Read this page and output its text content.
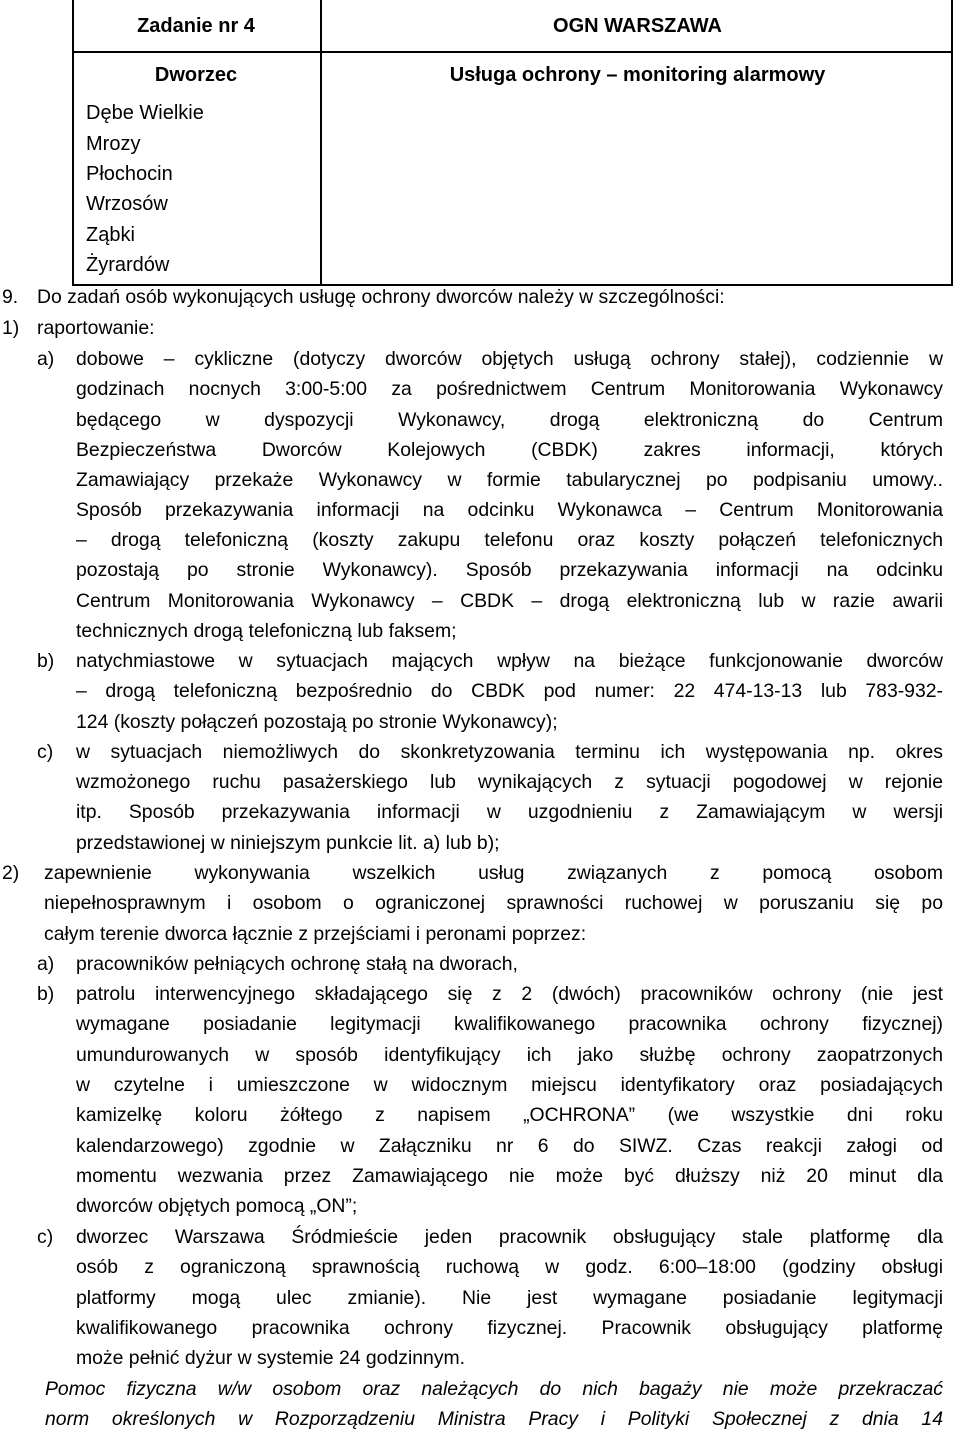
Zadanie nr 4	OGN WARSZAWA
Dworzec	Usługa ochrony – monitoring alarmowy
Dębe Wielkie
Mrozy
Płochocin
Wrzosów
Ząbki
Żyrardów
9. Do zadań osób wykonujących usługę ochrony dworców należy w szczególności:
1) raportowanie:
a) dobowe – cykliczne (dotyczy dworców objętych usługą ochrony stałej), codziennie w
godzinach nocnych 3:00-5:00 za pośrednictwem Centrum Monitorowania Wykonawcy
będącego w dyspozycji Wykonawcy, drogą elektroniczną do Centrum
Bezpieczeństwa Dworców Kolejowych (CBDK) zakres informacji, których
Zamawiający przekaże Wykonawcy w formie tabularycznej po podpisaniu umowy..
Sposób przekazywania informacji na odcinku Wykonawca – Centrum Monitorowania
– drogą telefoniczną (koszty zakupu telefonu oraz koszty połączeń telefonicznych
pozostają po stronie Wykonawcy). Sposób przekazywania informacji na odcinku
Centrum Monitorowania Wykonawcy – CBDK – drogą elektroniczną lub w razie awarii
technicznych drogą telefoniczną lub faksem;
b) natychmiastowe w sytuacjach mających wpływ na bieżące funkcjonowanie dworców
– drogą telefoniczną bezpośrednio do CBDK pod numer: 22 474-13-13 lub 783-932-
124 (koszty połączeń pozostają po stronie Wykonawcy);
c) w sytuacjach niemożliwych do skonkretyzowania terminu ich występowania np. okres
wzmożonego ruchu pasażerskiego lub wynikających z sytuacji pogodowej w rejonie
itp. Sposób przekazywania informacji w uzgodnieniu z Zamawiającym w wersji
przedstawionej w niniejszym punkcie lit. a) lub b);
2) zapewnienie wykonywania wszelkich usług związanych z pomocą osobom
niepełnosprawnym i osobom o ograniczonej sprawności ruchowej w poruszaniu się po
całym terenie dworca łącznie z przejściami i peronami poprzez:
a) pracowników pełniących ochronę stałą na dworach,
b) patrolu interwencyjnego składającego się z 2 (dwóch) pracowników ochrony (nie jest
wymagane posiadanie legitymacji kwalifikowanego pracownika ochrony fizycznej)
umundurowanych w sposób identyfikujący ich jako służbę ochrony zaopatrzonych
w czytelne i umieszczone w widocznym miejscu identyfikatory oraz posiadających
kamizelkę koloru żółtego z napisem „OCHRONA” (we wszystkie dni roku
kalendarzowego) zgodnie w Załączniku nr 6 do SIWZ. Czas reakcji załogi od
momentu wezwania przez Zamawiającego nie może być dłuższy niż 20 minut dla
dworców objętych pomocą „ON”;
c) dworzec Warszawa Śródmieście jeden pracownik obsługujący stale platformę dla
osób z ograniczoną sprawnością ruchową w godz. 6:00–18:00 (godziny obsługi
platformy mogą ulec zmianie). Nie jest wymagane posiadanie legitymacji
kwalifikowanego pracownika ochrony fizycznej. Pracownik obsługujący platformę
może pełnić dyżur w systemie 24 godzinnym.
Pomoc fizyczna w/w osobom oraz należących do nich bagaży nie może przekraczać
norm określonych w Rozporządzeniu Ministra Pracy i Polityki Społecznej z dnia 14
